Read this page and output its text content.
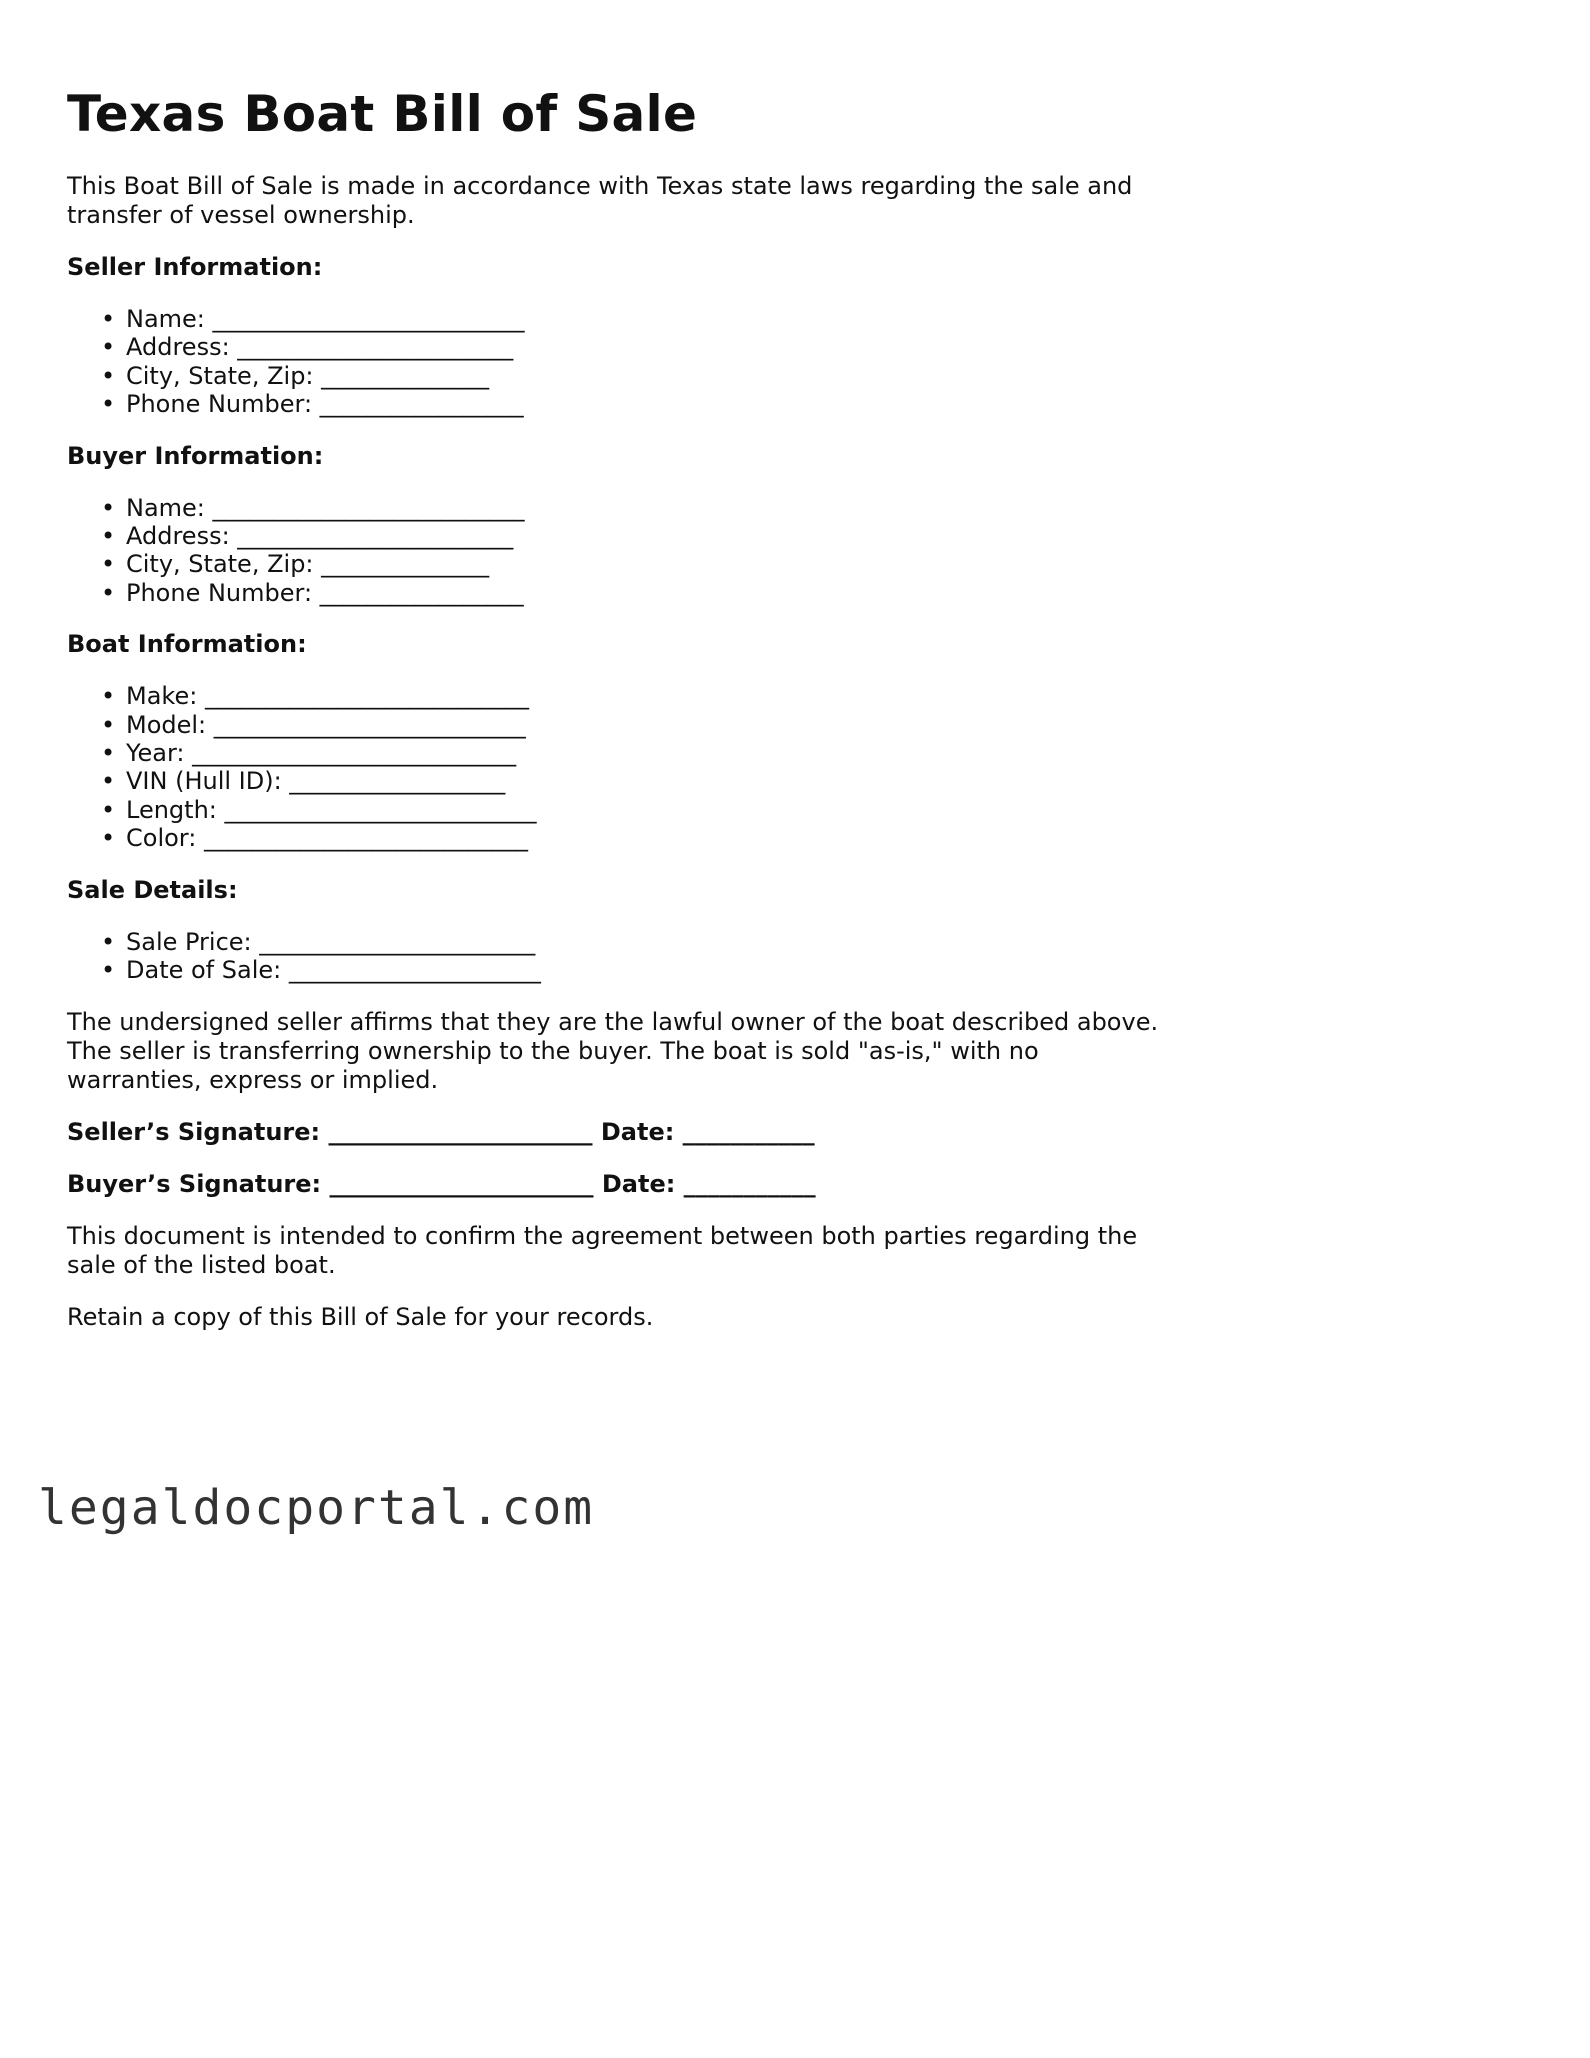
Texas Boat Bill of Sale

This Boat Bill of Sale is made in accordance with Texas state laws regarding the sale and transfer of vessel ownership.

Seller Information:
• Name: __________________________
• Address: _______________________
• City, State, Zip: ______________
• Phone Number: _________________
Buyer Information:
• Name: __________________________
• Address: _______________________
• City, State, Zip: ______________
• Phone Number: _________________
Boat Information:
• Make: ___________________________
• Model: __________________________
• Year: ___________________________
• VIN (Hull ID): __________________
• Length: __________________________
• Color: ___________________________
Sale Details:
• Sale Price: _______________________
• Date of Sale: _____________________

The undersigned seller affirms that they are the lawful owner of the boat described above. The seller is transferring ownership to the buyer. The boat is sold "as-is," with no warranties, express or implied.

Seller’s Signature: ______________________ Date: ___________
Buyer’s Signature: ______________________ Date: ___________

This document is intended to confirm the agreement between both parties regarding the sale of the listed boat.

Retain a copy of this Bill of Sale for your records.

legaldocportal.com
